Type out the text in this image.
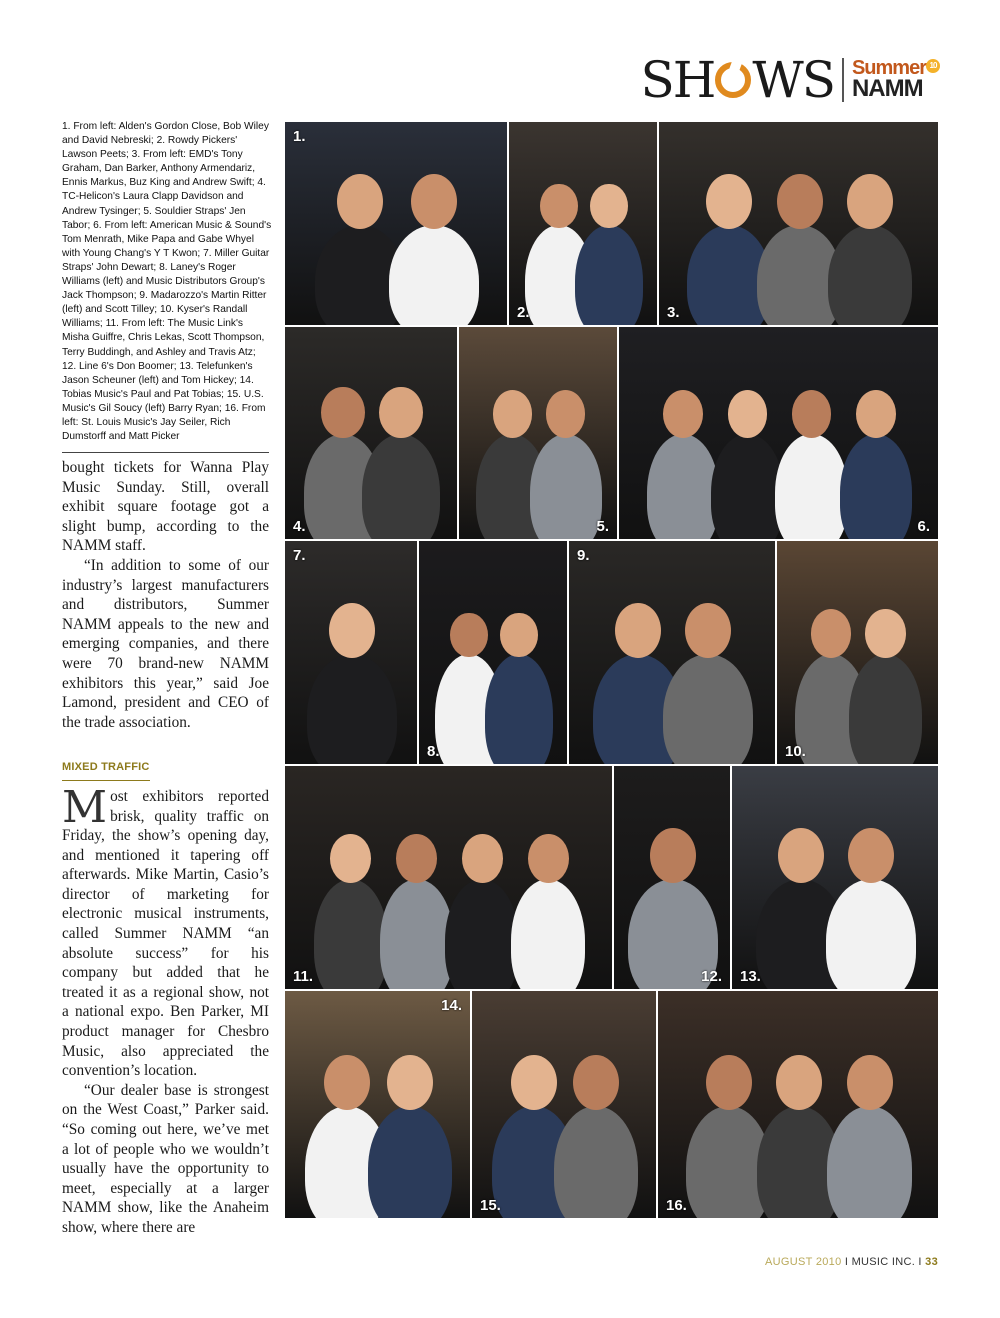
SH WS Summer 10
NAMM
1. From left: Alden's Gordon Close, Bob Wiley and David Nebreski; 2. Rowdy Pickers' Lawson Peets; 3. From left: EMD's Tony Graham, Dan Barker, Anthony Armendariz, Ennis Markus, Buz King and Andrew Swift; 4. TC-Helicon's Laura Clapp Davidson and Andrew Tysinger; 5. Souldier Straps' Jen Tabor; 6. From left: American Music & Sound's Tom Menrath, Mike Papa and Gabe Whyel with Young Chang's Y T Kwon; 7. Miller Guitar Straps' John Dewart; 8. Laney's Roger Williams (left) and Music Distributors Group's Jack Thompson; 9. Madarozzo's Martin Ritter (left) and Scott Tilley; 10. Kyser's Randall Williams; 11. From left: The Music Link's Misha Guiffre, Chris Lekas, Scott Thompson, Terry Buddingh, and Ashley and Travis Atz; 12. Line 6's Don Boomer; 13. Telefunken's Jason Scheuner (left) and Tom Hickey; 14. Tobias Music's Paul and Pat Tobias; 15. U.S. Music's Gil Soucy (left) Barry Ryan; 16. From left: St. Louis Music's Jay Seiler, Rich Dumstorff and Matt Picker

bought tickets for Wanna Play Music Sunday. Still, overall exhibit square footage got a slight bump, according to the NAMM staff.

“In addition to some of our industry’s largest manufacturers and distributors, Summer NAMM appeals to the new and emerging companies, and there were 70 brand-new NAMM exhibitors this year,” said Joe Lamond, president and CEO of the trade association.

MIXED TRAFFIC

Most exhibitors reported brisk, quality traffic on Friday, the show’s opening day, and mentioned it tapering off afterwards. Mike Martin, Casio’s director of marketing for electronic musical instruments, called Summer NAMM “an absolute success” for his company but added that he treated it as a regional show, not a national expo. Ben Parker, MI product manager for Chesbro Music, also appreciated the convention’s location.

“Our dealer base is strongest on the West Coast,” Parker said. “So coming out here, we’ve met a lot of people who we wouldn’t usually have the opportunity to meet, especially at a larger NAMM show, like the Anaheim show, where there are

1.
2.	3.
4.	5.	6.
7.
8.
9.
10.
11.	12. 13.
14.
15.	16.
AUGUST 2010 I MUSIC INC. I 33
